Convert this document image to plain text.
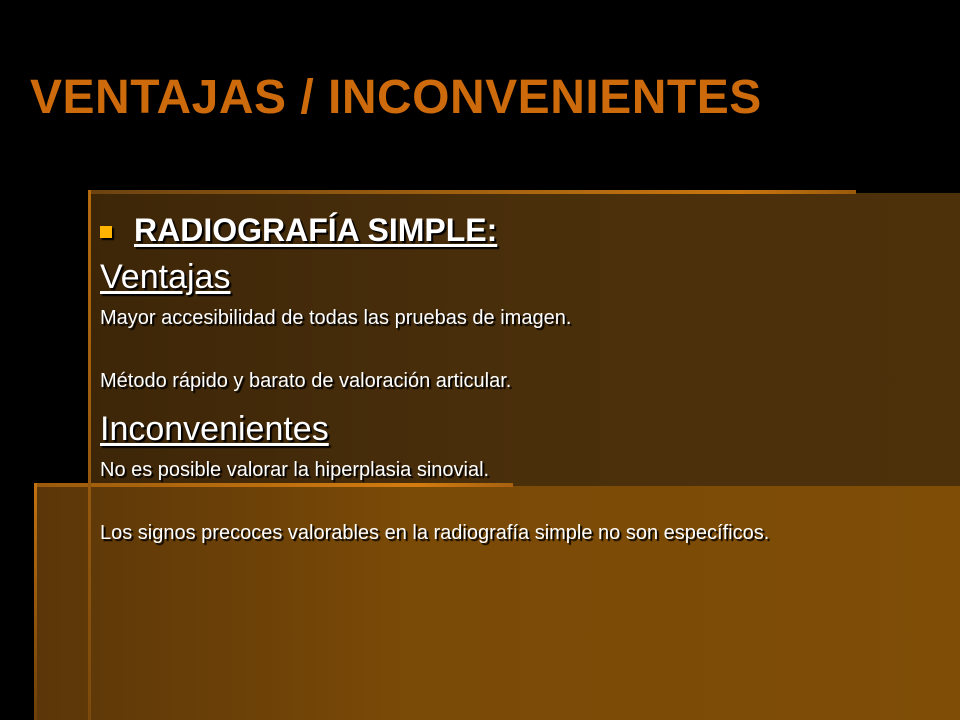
VENTAJAS / INCONVENIENTES
RADIOGRAFÍA SIMPLE:
Ventajas

Mayor accesibilidad de todas las pruebas de imagen.

Método rápido y barato de valoración articular.

Inconvenientes

No es posible valorar la hiperplasia sinovial.

Los signos precoces valorables en la radiografía simple no son específicos.
